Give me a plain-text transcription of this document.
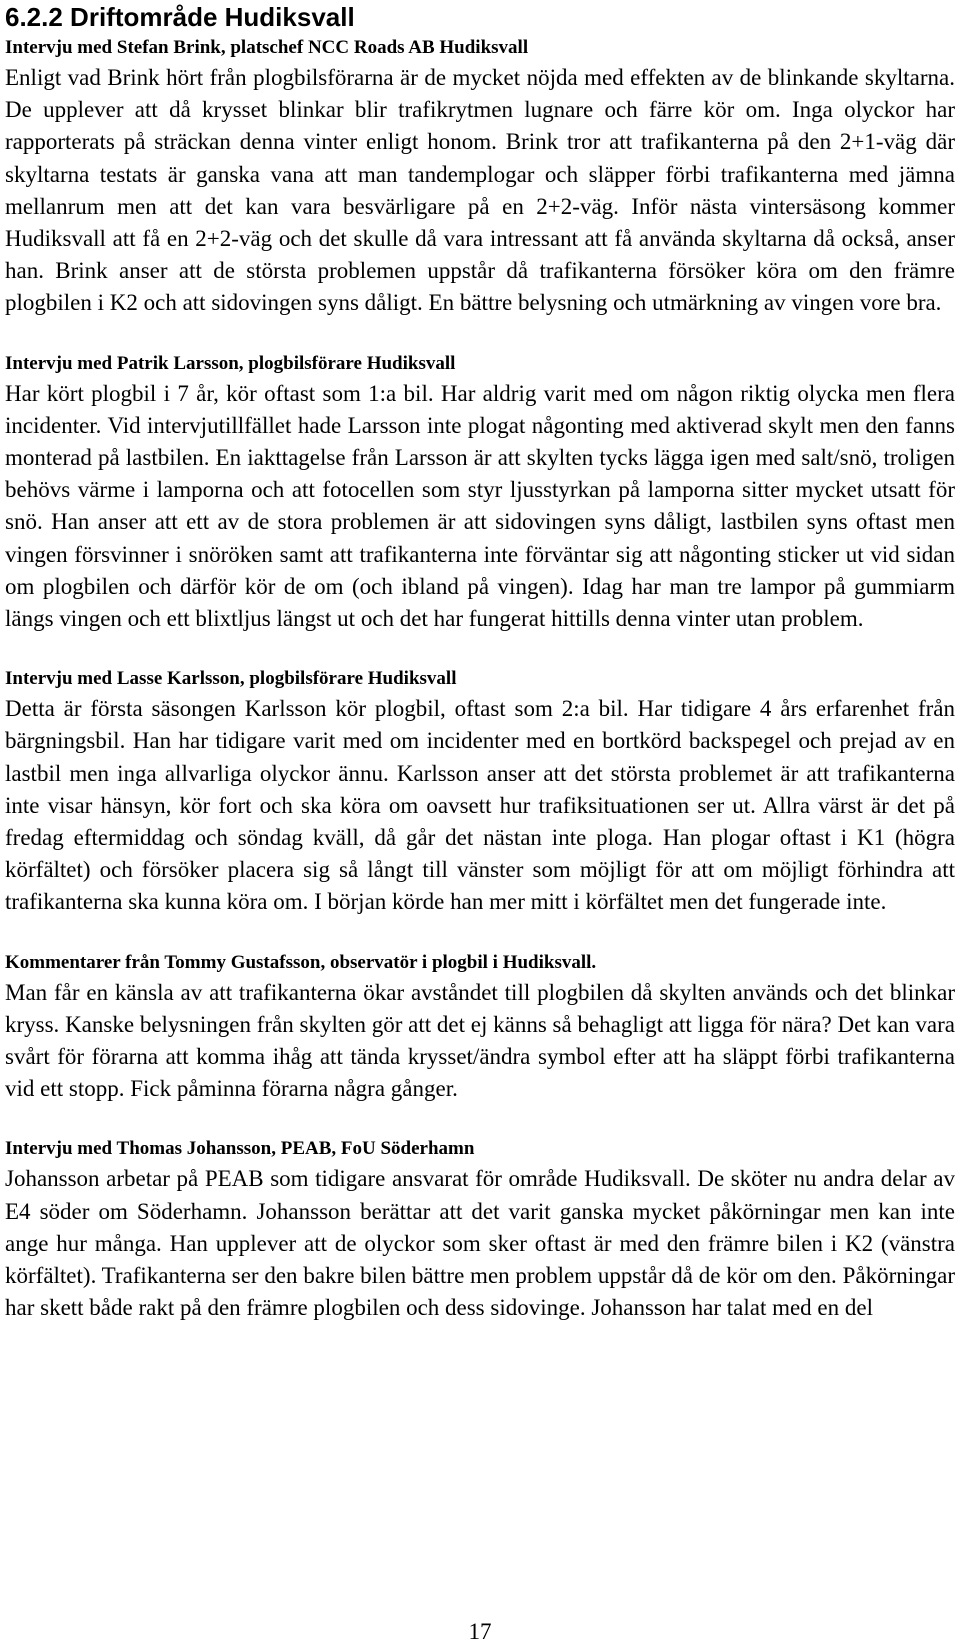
6.2.2 Driftområde Hudiksvall
Intervju med Stefan Brink, platschef NCC Roads AB Hudiksvall

Enligt vad Brink hört från plogbilsförarna är de mycket nöjda med effekten av de blinkande skyltarna. De upplever att då krysset blinkar blir trafikrytmen lugnare och färre kör om. Inga olyckor har rapporterats på sträckan denna vinter enligt honom. Brink tror att trafikanterna på den 2+1-väg där skyltarna testats är ganska vana att man tandemplogar och släpper förbi trafikanterna med jämna mellanrum men att det kan vara besvärligare på en 2+2-väg. Inför nästa vintersäsong kommer Hudiksvall att få en 2+2-väg och det skulle då vara intressant att få använda skyltarna då också, anser han. Brink anser att de största problemen uppstår då trafikanterna försöker köra om den främre plogbilen i K2 och att sidovingen syns dåligt. En bättre belysning och utmärkning av vingen vore bra.

Intervju med Patrik Larsson, plogbilsförare Hudiksvall

Har kört plogbil i 7 år, kör oftast som 1:a bil. Har aldrig varit med om någon riktig olycka men flera incidenter. Vid intervjutillfället hade Larsson inte plogat någonting med aktiverad skylt men den fanns monterad på lastbilen. En iakttagelse från Larsson är att skylten tycks lägga igen med salt/snö, troligen behövs värme i lamporna och att fotocellen som styr ljusstyrkan på lamporna sitter mycket utsatt för snö. Han anser att ett av de stora problemen är att sidovingen syns dåligt, lastbilen syns oftast men vingen försvinner i snöröken samt att trafikanterna inte förväntar sig att någonting sticker ut vid sidan om plogbilen och därför kör de om (och ibland på vingen). Idag har man tre lampor på gummiarm längs vingen och ett blixtljus längst ut och det har fungerat hittills denna vinter utan problem.

Intervju med Lasse Karlsson, plogbilsförare Hudiksvall

Detta är första säsongen Karlsson kör plogbil, oftast som 2:a bil. Har tidigare 4 års erfarenhet från bärgningsbil. Han har tidigare varit med om incidenter med en bortkörd backspegel och prejad av en lastbil men inga allvarliga olyckor ännu. Karlsson anser att det största problemet är att trafikanterna inte visar hänsyn, kör fort och ska köra om oavsett hur trafiksituationen ser ut. Allra värst är det på fredag eftermiddag och söndag kväll, då går det nästan inte ploga. Han plogar oftast i K1 (högra körfältet) och försöker placera sig så långt till vänster som möjligt för att om möjligt förhindra att trafikanterna ska kunna köra om. I början körde han mer mitt i körfältet men det fungerade inte.

Kommentarer från Tommy Gustafsson, observatör i plogbil i Hudiksvall.

Man får en känsla av att trafikanterna ökar avståndet till plogbilen då skylten används och det blinkar kryss. Kanske belysningen från skylten gör att det ej känns så behagligt att ligga för nära? Det kan vara svårt för förarna att komma ihåg att tända krysset/ändra symbol efter att ha släppt förbi trafikanterna vid ett stopp. Fick påminna förarna några gånger.

Intervju med Thomas Johansson, PEAB, FoU Söderhamn

Johansson arbetar på PEAB som tidigare ansvarat för område Hudiksvall. De sköter nu andra delar av E4 söder om Söderhamn. Johansson berättar att det varit ganska mycket påkörningar men kan inte ange hur många. Han upplever att de olyckor som sker oftast är med den främre bilen i K2 (vänstra körfältet). Trafikanterna ser den bakre bilen bättre men problem uppstår då de kör om den. Påkörningar har skett både rakt på den främre plogbilen och dess sidovinge. Johansson har talat med en del

17
